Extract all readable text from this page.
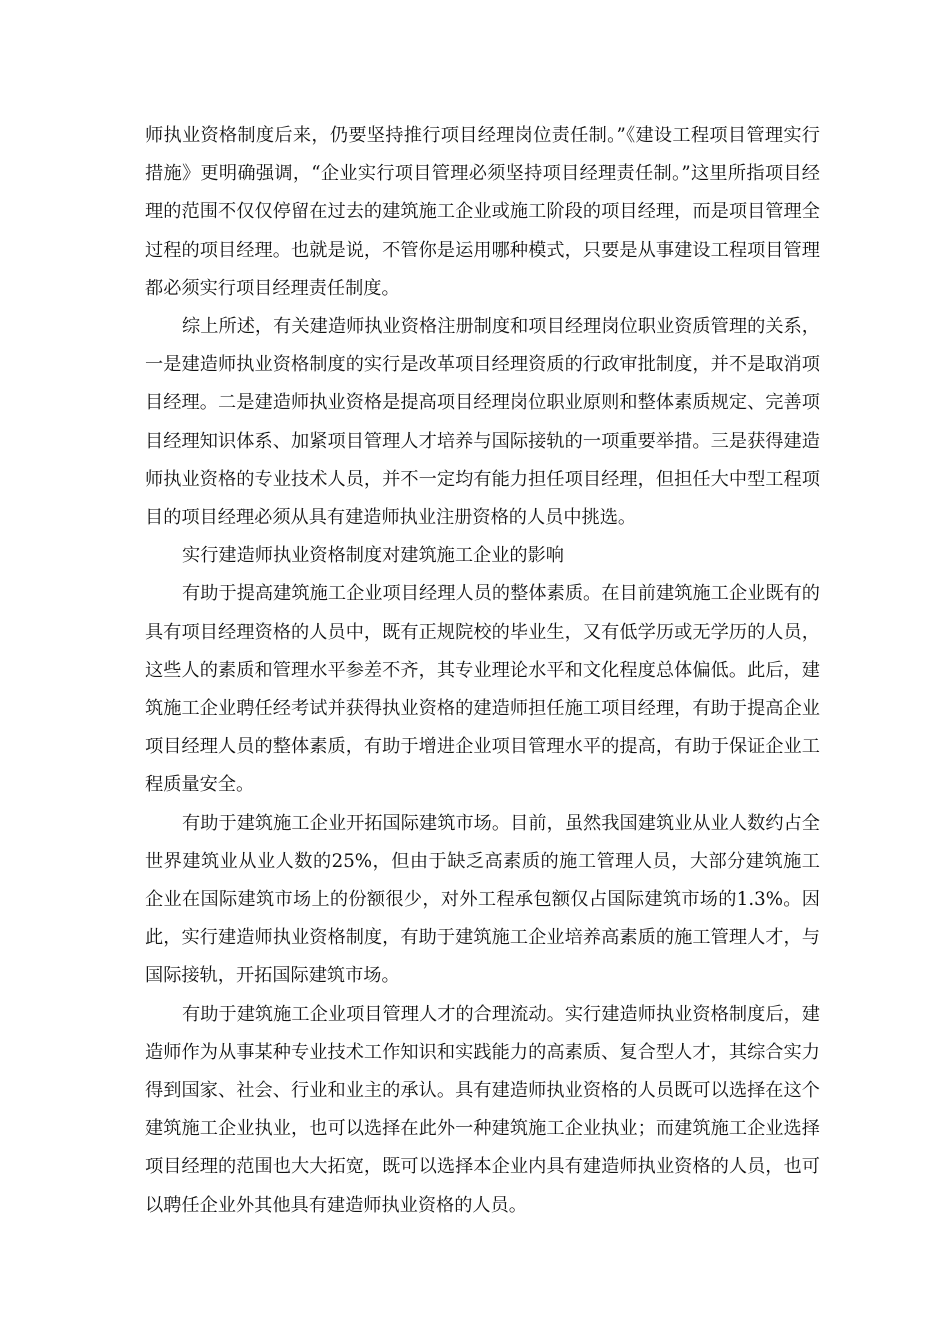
师执业资格制度后来，仍要坚持推行项目经理岗位责任制。”《建设工程项目管理实行措施》更明确强调，“企业实行项目管理必须坚持项目经理责任制。”这里所指项目经理的范围不仅仅停留在过去的建筑施工企业或施工阶段的项目经理，而是项目管理全过程的项目经理。也就是说，不管你是运用哪种模式，只要是从事建设工程项目管理都必须实行项目经理责任制度。

综上所述，有关建造师执业资格注册制度和项目经理岗位职业资质管理的关系，一是建造师执业资格制度的实行是改革项目经理资质的行政审批制度，并不是取消项目经理。二是建造师执业资格是提高项目经理岗位职业原则和整体素质规定、完善项目经理知识体系、加紧项目管理人才培养与国际接轨的一项重要举措。三是获得建造师执业资格的专业技术人员，并不一定均有能力担任项目经理，但担任大中型工程项目的项目经理必须从具有建造师执业注册资格的人员中挑选。

实行建造师执业资格制度对建筑施工企业的影响

有助于提高建筑施工企业项目经理人员的整体素质。在目前建筑施工企业既有的具有项目经理资格的人员中，既有正规院校的毕业生，又有低学历或无学历的人员，这些人的素质和管理水平参差不齐，其专业理论水平和文化程度总体偏低。此后，建筑施工企业聘任经考试并获得执业资格的建造师担任施工项目经理，有助于提高企业项目经理人员的整体素质，有助于增进企业项目管理水平的提高，有助于保证企业工程质量安全。

有助于建筑施工企业开拓国际建筑市场。目前，虽然我国建筑业从业人数约占全世界建筑业从业人数的25%，但由于缺乏高素质的施工管理人员，大部分建筑施工企业在国际建筑市场上的份额很少，对外工程承包额仅占国际建筑市场的1.3%。因此，实行建造师执业资格制度，有助于建筑施工企业培养高素质的施工管理人才，与国际接轨，开拓国际建筑市场。

有助于建筑施工企业项目管理人才的合理流动。实行建造师执业资格制度后，建造师作为从事某种专业技术工作知识和实践能力的高素质、复合型人才，其综合实力得到国家、社会、行业和业主的承认。具有建造师执业资格的人员既可以选择在这个建筑施工企业执业，也可以选择在此外一种建筑施工企业执业；而建筑施工企业选择项目经理的范围也大大拓宽，既可以选择本企业内具有建造师执业资格的人员，也可以聘任企业外其他具有建造师执业资格的人员。
